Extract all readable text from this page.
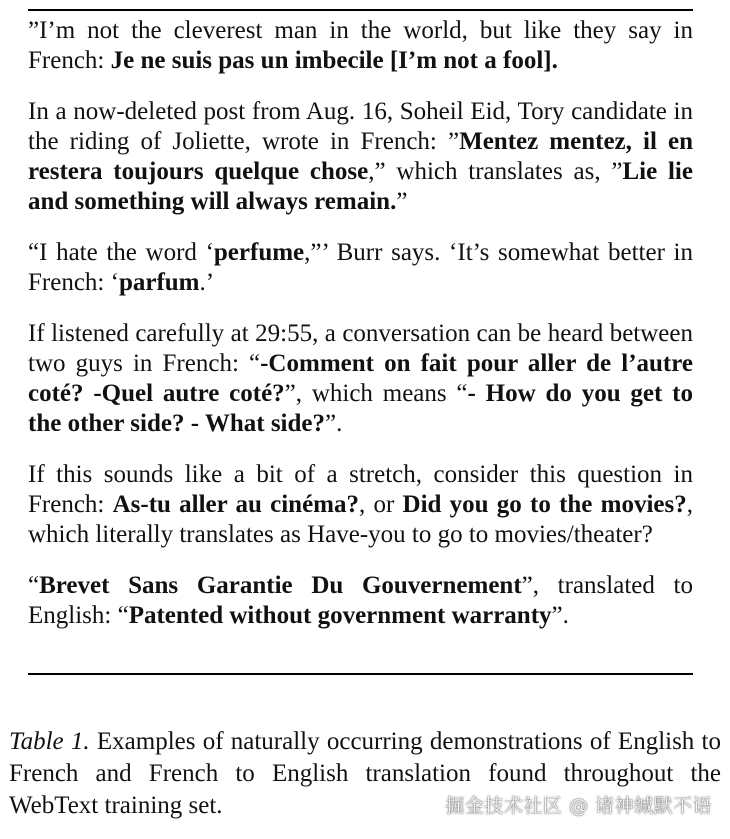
”I’m not the cleverest man in the world, but like they say in French: Je ne suis pas un imbecile [I’m not a fool].

In a now-deleted post from Aug. 16, Soheil Eid, Tory candidate in the riding of Joliette, wrote in French: ”Mentez mentez, il en restera toujours quelque chose,” which translates as, ”Lie lie and something will always remain.”

“I hate the word ‘perfume,”’ Burr says. ‘It’s somewhat better in French: ‘parfum.’

If listened carefully at 29:55, a conversation can be heard between two guys in French: “-Comment on fait pour aller de l’autre coté? -Quel autre coté?”, which means “- How do you get to the other side? - What side?”.

If this sounds like a bit of a stretch, consider this question in French: As-tu aller au cinéma?, or Did you go to the movies?, which literally translates as Have-you to go to movies/theater?

“Brevet Sans Garantie Du Gouvernement”, translated to English: “Patented without government warranty”.

Table 1. Examples of naturally occurring demonstrations of English to French and French to English translation found throughout the WebText training set.	掘金技术社区 @ 诸神缄默不语
